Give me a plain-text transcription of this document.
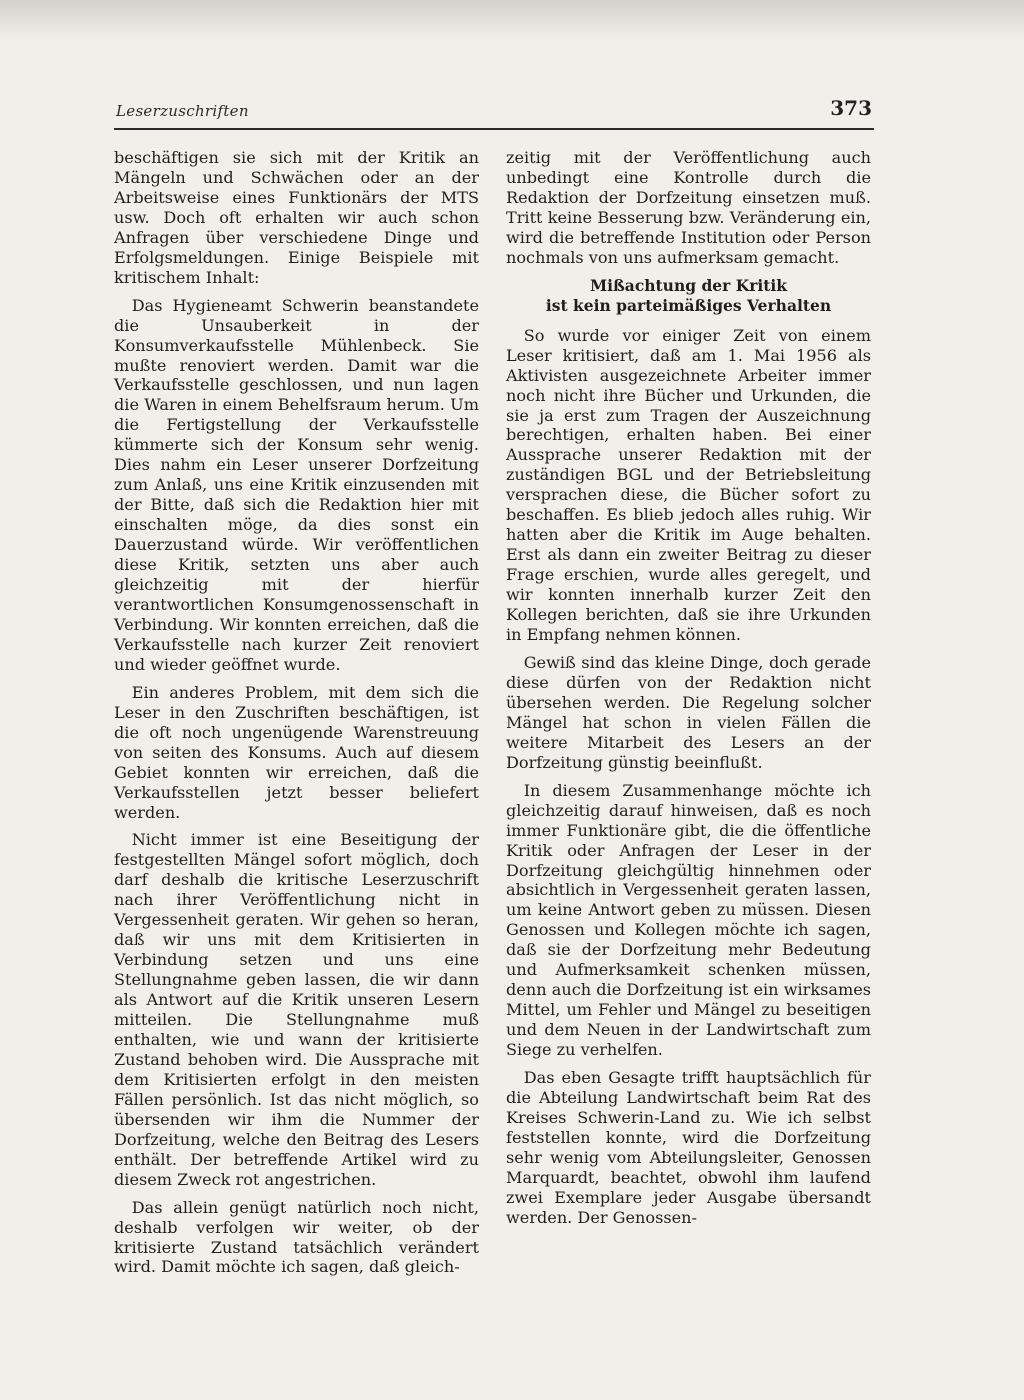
Leserzuschriften	373

beschäftigen sie sich mit der Kritik an Mängeln und Schwächen oder an der Arbeitsweise eines Funktionärs der MTS usw. Doch oft erhalten wir auch schon Anfragen über verschiedene Dinge und Erfolgsmeldungen. Einige Beispiele mit kritischem Inhalt:

Das Hygieneamt Schwerin beanstandete die Unsauberkeit in der Konsumverkaufsstelle Mühlenbeck. Sie mußte renoviert werden. Damit war die Verkaufsstelle geschlossen, und nun lagen die Waren in einem Behelfsraum herum. Um die Fertigstellung der Verkaufsstelle kümmerte sich der Konsum sehr wenig. Dies nahm ein Leser unserer Dorfzeitung zum Anlaß, uns eine Kritik einzusenden mit der Bitte, daß sich die Redaktion hier mit einschalten möge, da dies sonst ein Dauerzustand würde. Wir veröffentlichen diese Kritik, setzten uns aber auch gleichzeitig mit der hierfür verantwortlichen Konsumgenossenschaft in Verbindung. Wir konnten erreichen, daß die Verkaufsstelle nach kurzer Zeit renoviert und wieder geöffnet wurde.

Ein anderes Problem, mit dem sich die Leser in den Zuschriften beschäftigen, ist die oft noch ungenügende Warenstreuung von seiten des Konsums. Auch auf diesem Gebiet konnten wir erreichen, daß die Verkaufsstellen jetzt besser beliefert werden.

Nicht immer ist eine Beseitigung der festgestellten Mängel sofort möglich, doch darf deshalb die kritische Leserzuschrift nach ihrer Veröffentlichung nicht in Vergessenheit geraten. Wir gehen so heran, daß wir uns mit dem Kritisierten in Verbindung setzen und uns eine Stellungnahme geben lassen, die wir dann als Antwort auf die Kritik unseren Lesern mitteilen. Die Stellungnahme muß enthalten, wie und wann der kritisierte Zustand behoben wird. Die Aussprache mit dem Kritisierten erfolgt in den meisten Fällen persönlich. Ist das nicht möglich, so übersenden wir ihm die Nummer der Dorfzeitung, welche den Beitrag des Lesers enthält. Der betreffende Artikel wird zu diesem Zweck rot angestrichen.

Das allein genügt natürlich noch nicht, deshalb verfolgen wir weiter, ob der kritisierte Zustand tatsächlich verändert wird. Damit möchte ich sagen, daß gleich-

zeitig mit der Veröffentlichung auch unbedingt eine Kontrolle durch die Redaktion der Dorfzeitung einsetzen muß. Tritt keine Besserung bzw. Veränderung ein, wird die betreffende Institution oder Person nochmals von uns aufmerksam gemacht.

Mißachtung der Kritik
ist kein parteimäßiges Verhalten

So wurde vor einiger Zeit von einem Leser kritisiert, daß am 1. Mai 1956 als Aktivisten ausgezeichnete Arbeiter immer noch nicht ihre Bücher und Urkunden, die sie ja erst zum Tragen der Auszeichnung berechtigen, erhalten haben. Bei einer Aussprache unserer Redaktion mit der zuständigen BGL und der Betriebsleitung versprachen diese, die Bücher sofort zu beschaffen. Es blieb jedoch alles ruhig. Wir hatten aber die Kritik im Auge behalten. Erst als dann ein zweiter Beitrag zu dieser Frage erschien, wurde alles geregelt, und wir konnten innerhalb kurzer Zeit den Kollegen berichten, daß sie ihre Urkunden in Empfang nehmen können.

Gewiß sind das kleine Dinge, doch gerade diese dürfen von der Redaktion nicht übersehen werden. Die Regelung solcher Mängel hat schon in vielen Fällen die weitere Mitarbeit des Lesers an der Dorfzeitung günstig beeinflußt.

In diesem Zusammenhange möchte ich gleichzeitig darauf hinweisen, daß es noch immer Funktionäre gibt, die die öffentliche Kritik oder Anfragen der Leser in der Dorfzeitung gleichgültig hinnehmen oder absichtlich in Vergessenheit geraten lassen, um keine Antwort geben zu müssen. Diesen Genossen und Kollegen möchte ich sagen, daß sie der Dorfzeitung mehr Bedeutung und Aufmerksamkeit schenken müssen, denn auch die Dorfzeitung ist ein wirksames Mittel, um Fehler und Mängel zu beseitigen und dem Neuen in der Landwirtschaft zum Siege zu verhelfen.

Das eben Gesagte trifft hauptsächlich für die Abteilung Landwirtschaft beim Rat des Kreises Schwerin-Land zu. Wie ich selbst feststellen konnte, wird die Dorfzeitung sehr wenig vom Abteilungsleiter, Genossen Marquardt, beachtet, obwohl ihm laufend zwei Exemplare jeder Ausgabe übersandt werden. Der Genossen-
